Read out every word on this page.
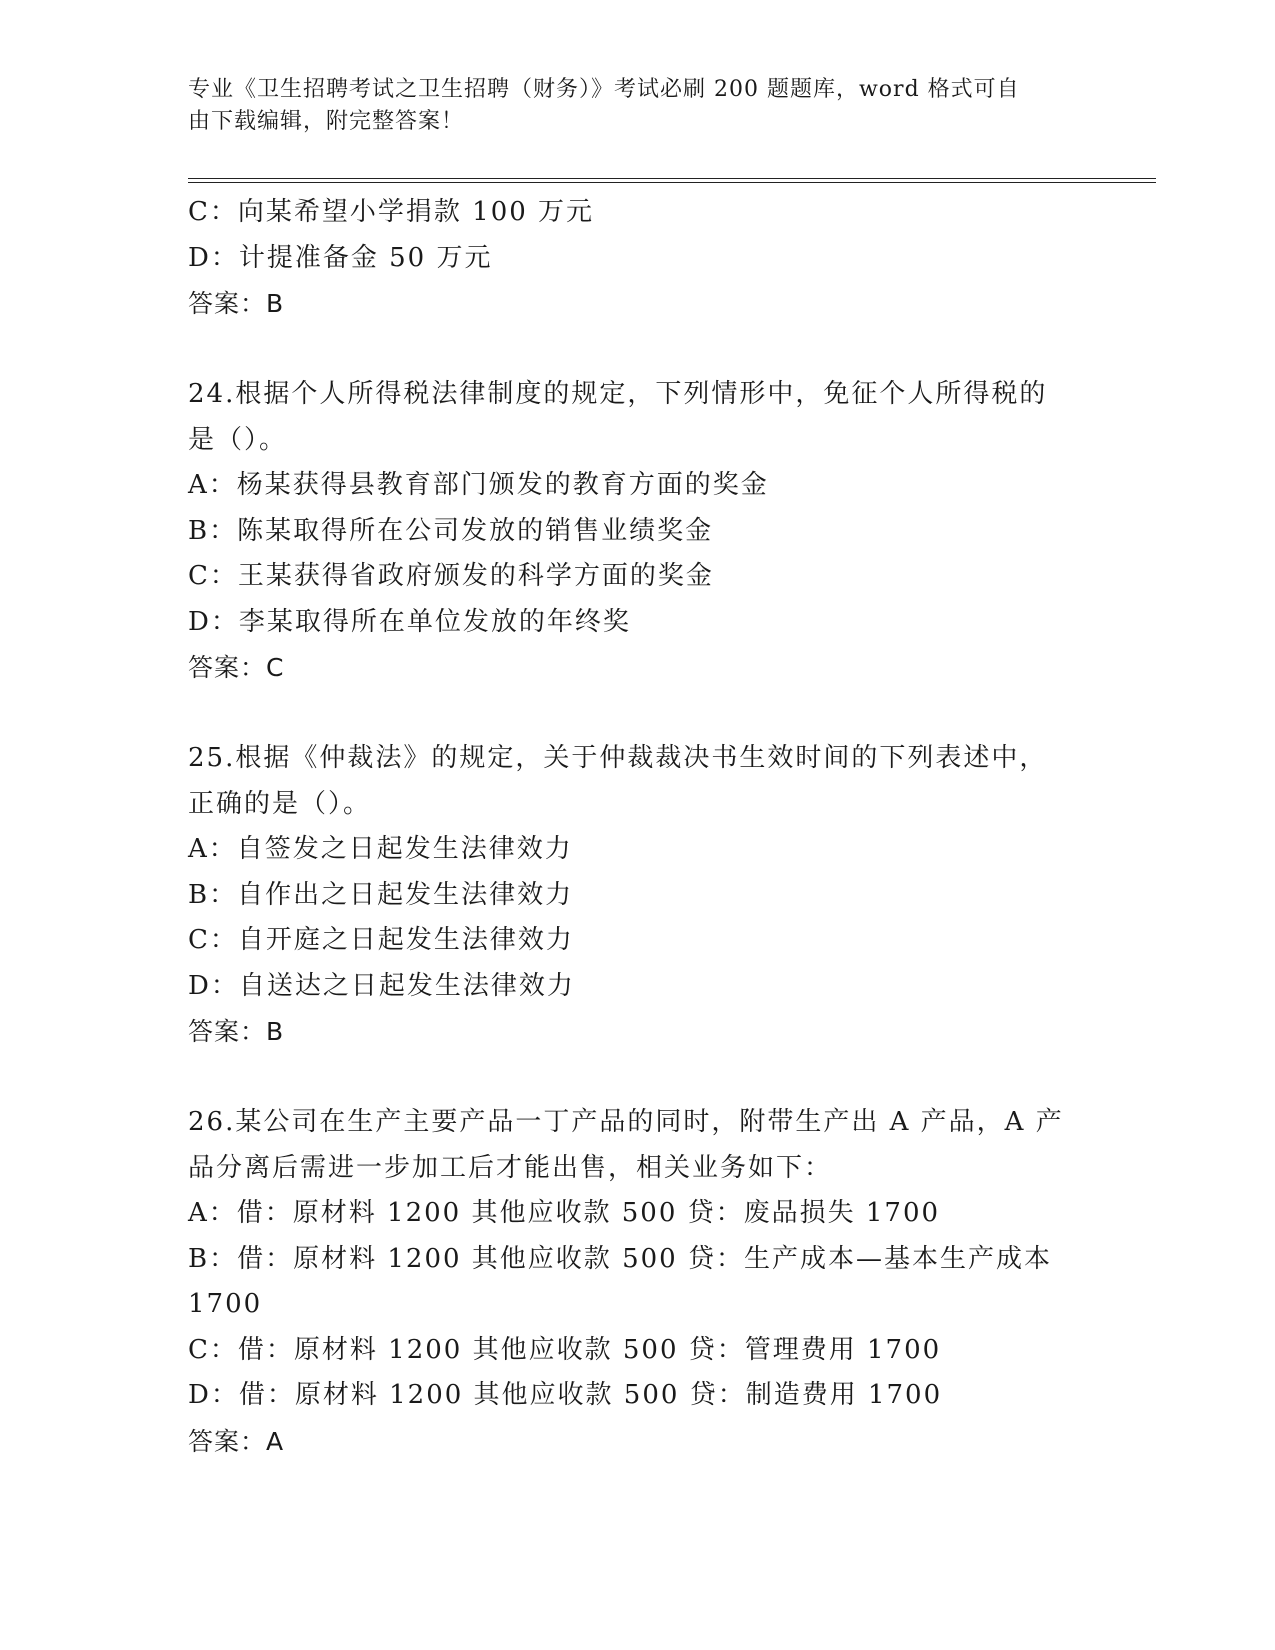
专业《卫生招聘考试之卫生招聘（财务）》考试必刷 200 题题库，word 格式可自
由下载编辑，附完整答案！
C：向某希望小学捐款 100 万元
D：计提准备金 50 万元
答案：B
24.根据个人所得税法律制度的规定，下列情形中，免征个人所得税的
是（）。
A：杨某获得县教育部门颁发的教育方面的奖金
B：陈某取得所在公司发放的销售业绩奖金
C：王某获得省政府颁发的科学方面的奖金
D：李某取得所在单位发放的年终奖
答案：C
25.根据《仲裁法》的规定，关于仲裁裁决书生效时间的下列表述中，
正确的是（）。
A：自签发之日起发生法律效力
B：自作出之日起发生法律效力
C：自开庭之日起发生法律效力
D：自送达之日起发生法律效力
答案：B
26.某公司在生产主要产品一丁产品的同时，附带生产出 A 产品，A 产
品分离后需进一步加工后才能出售，相关业务如下：
A：借：原材料 1200 其他应收款 500 贷：废品损失 1700
B：借：原材料 1200 其他应收款 500 贷：生产成本—基本生产成本
1700
C：借：原材料 1200 其他应收款 500 贷：管理费用 1700
D：借：原材料 1200 其他应收款 500 贷：制造费用 1700
答案：A
